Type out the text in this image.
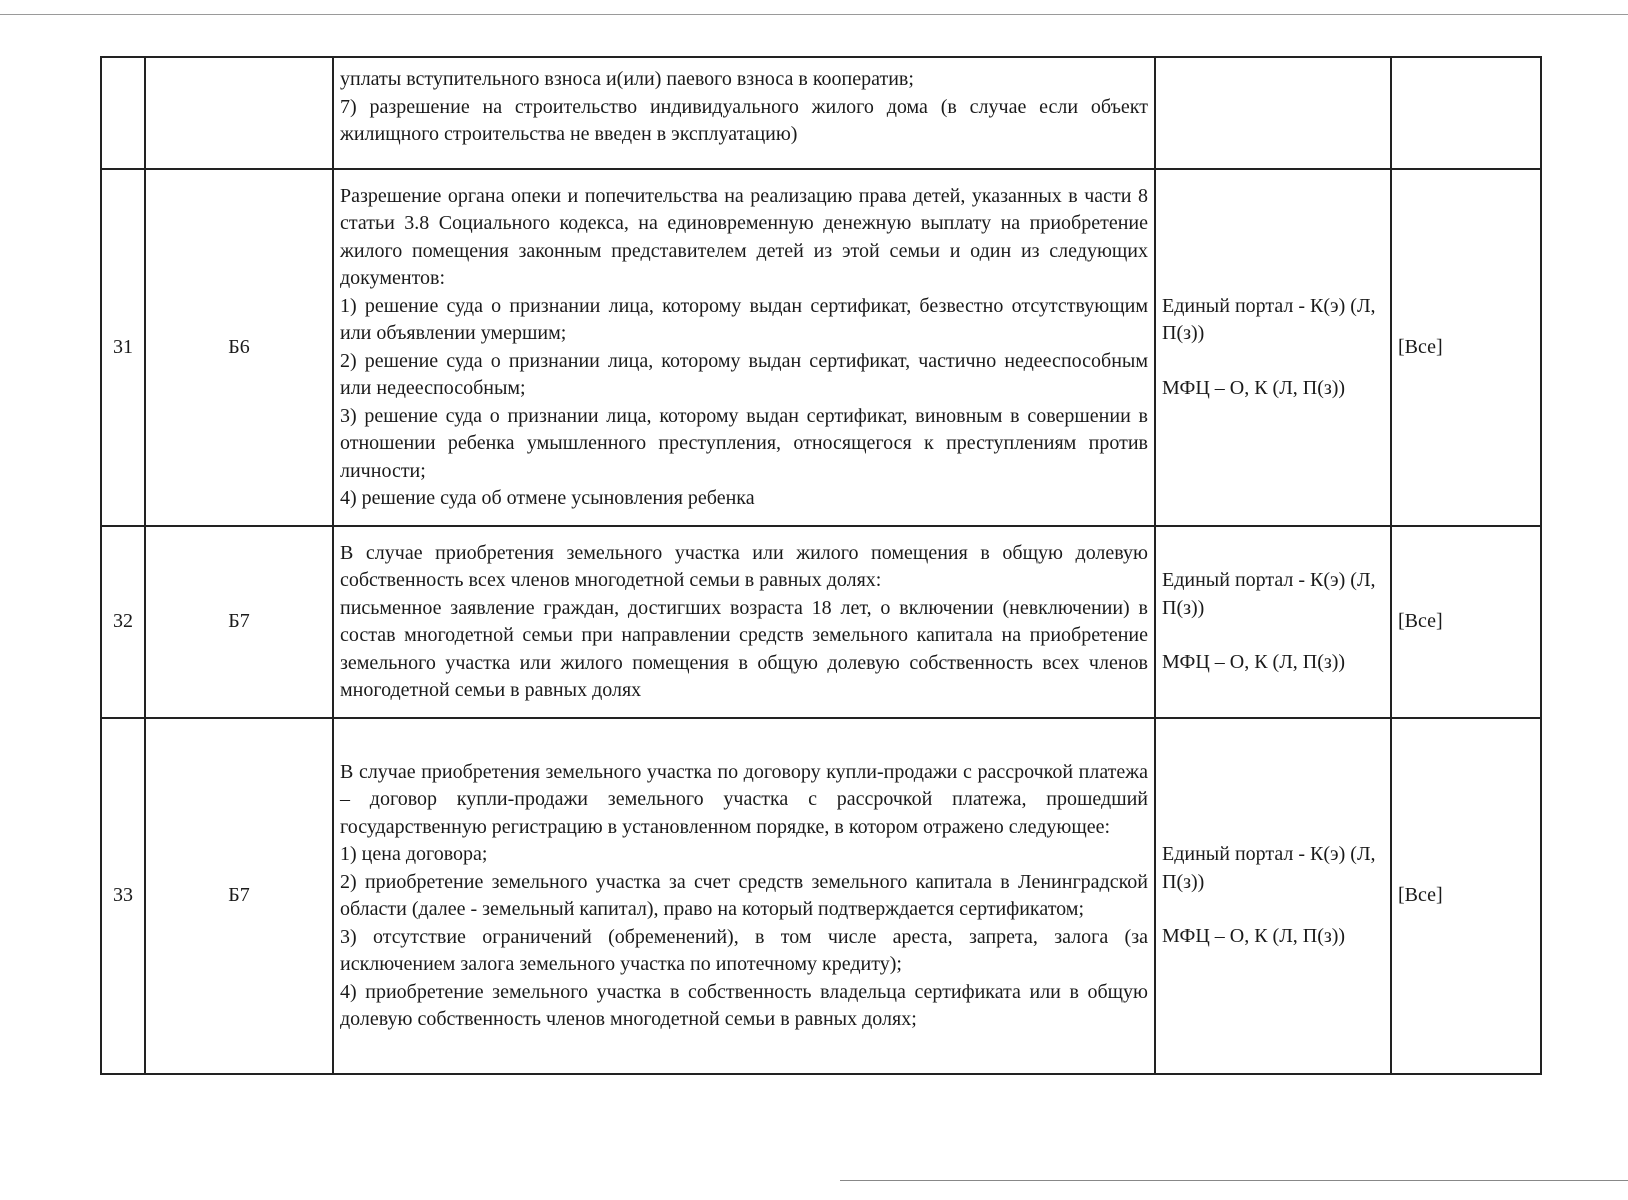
		уплаты вступительного взноса и(или) паевого взноса в кооператив;
7) разрешение на строительство индивидуального жилого дома (в случае если объект жилищного строительства не введен в эксплуатацию)		

31	Б6	Разрешение органа опеки и попечительства на реализацию права детей, указанных в части 8 статьи 3.8 Социального кодекса, на единовременную денежную выплату на приобретение жилого помещения законным представителем детей из этой семьи и один из следующих документов:
1) решение суда о признании лица, которому выдан сертификат, безвестно отсутствующим или объявлении умершим;
2) решение суда о признании лица, которому выдан сертификат, частично недееспособным или недееспособным;
3) решение суда о признании лица, которому выдан сертификат, виновным в совершении в отношении ребенка умышленного преступления, относящегося к преступлениям против личности;
4) решение суда об отмене усыновления ребенка	Единый портал - К(э) (Л, П(з))
МФЦ – О, К (Л, П(з))	[Все]
32	Б7	В случае приобретения земельного участка или жилого помещения в общую долевую собственность всех членов многодетной семьи в равных долях:
письменное заявление граждан, достигших возраста 18 лет, о включении (невключении) в состав многодетной семьи при направлении средств земельного капитала на приобретение земельного участка или жилого помещения в общую долевую собственность всех членов многодетной семьи в равных долях	Единый портал - К(э) (Л, П(з))
МФЦ – О, К (Л, П(з))	[Все]
33	Б7	В случае приобретения земельного участка по договору купли-продажи с рассрочкой платежа – договор купли-продажи земельного участка с рассрочкой платежа, прошедший государственную регистрацию в установленном порядке, в котором отражено следующее:
1) цена договора;
2) приобретение земельного участка за счет средств земельного капитала в Ленинградской области (далее - земельный капитал), право на который подтверждается сертификатом;
3) отсутствие ограничений (обременений), в том числе ареста, запрета, залога (за исключением залога земельного участка по ипотечному кредиту);
4) приобретение земельного участка в собственность владельца сертификата или в общую долевую собственность членов многодетной семьи в равных долях;	Единый портал - К(э) (Л, П(з))
МФЦ – О, К (Л, П(з))	[Все]
